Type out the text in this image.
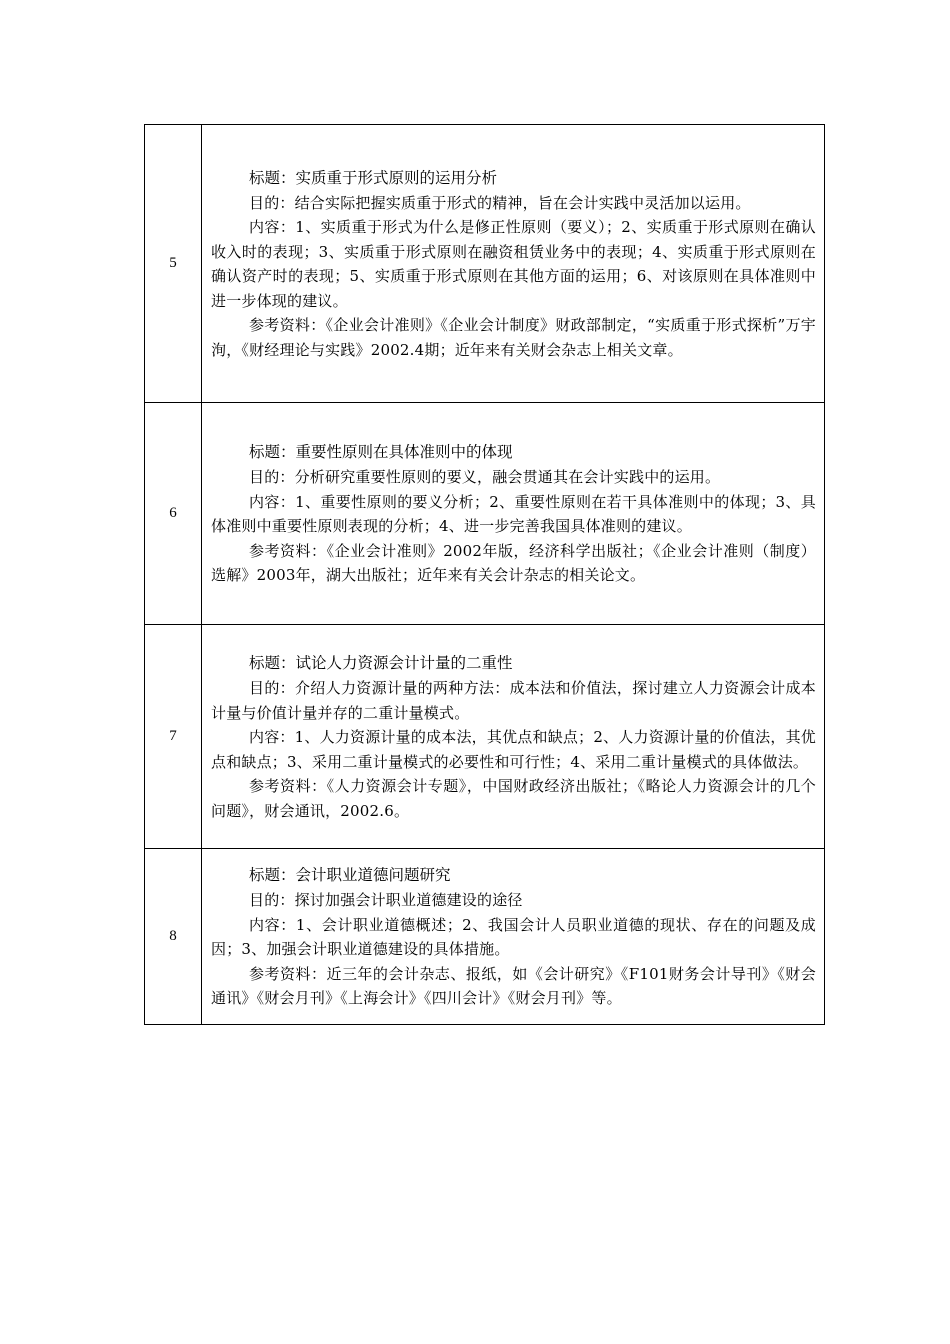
5	标题：实质重于形式原则的运用分析

目的：结合实际把握实质重于形式的精神，旨在会计实践中灵活加以运用。

内容：1、实质重于形式为什么是修正性原则（要义）；2、实质重于形式原则在确认收入时的表现；3、实质重于形式原则在融资租赁业务中的表现；4、实质重于形式原则在确认资产时的表现；5、实质重于形式原则在其他方面的运用；6、对该原则在具体准则中进一步体现的建议。

参考资料：《企业会计准则》《企业会计制度》财政部制定，“实质重于形式探析”万宇洵，《财经理论与实践》2002.4期；近年来有关财会杂志上相关文章。

6	标题：重要性原则在具体准则中的体现

目的：分析研究重要性原则的要义，融会贯通其在会计实践中的运用。

内容：1、重要性原则的要义分析；2、重要性原则在若干具体准则中的体现；3、具体准则中重要性原则表现的分析；4、进一步完善我国具体准则的建议。

参考资料：《企业会计准则》2002年版，经济科学出版社；《企业会计准则（制度）选解》2003年，湖大出版社；近年来有关会计杂志的相关论文。

7	标题：试论人力资源会计计量的二重性

目的：介绍人力资源计量的两种方法：成本法和价值法，探讨建立人力资源会计成本计量与价值计量并存的二重计量模式。

内容：1、人力资源计量的成本法，其优点和缺点；2、人力资源计量的价值法，其优点和缺点；3、采用二重计量模式的必要性和可行性；4、采用二重计量模式的具体做法。

参考资料：《人力资源会计专题》，中国财政经济出版社；《略论人力资源会计的几个问题》，财会通讯，2002.6。

8	标题：会计职业道德问题研究

目的：探讨加强会计职业道德建设的途径

内容：1、会计职业道德概述；2、我国会计人员职业道德的现状、存在的问题及成因；3、加强会计职业道德建设的具体措施。

参考资料：近三年的会计杂志、报纸，如《会计研究》《F101财务会计导刊》《财会通讯》《财会月刊》《上海会计》《四川会计》《财会月刊》等。
